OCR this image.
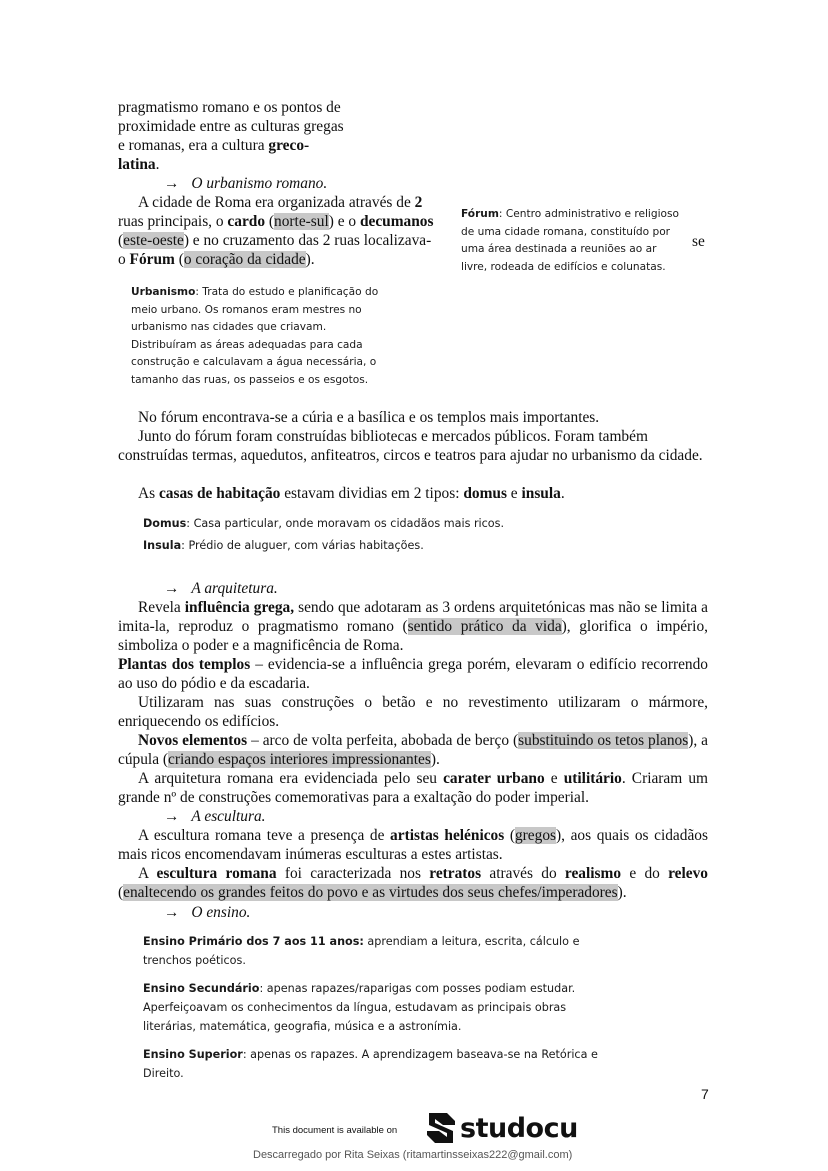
pragmatismo romano e os pontos de
proximidade entre as culturas gregas
e romanas, era a cultura greco-
latina.
→ O urbanismo romano.
A cidade de Roma era organizada através de 2
ruas principais, o cardo (norte-sul) e o decumanos
(este-oeste) e no cruzamento das 2 ruas localizava-
o Fórum (o coração da cidade).
Fórum: Centro administrativo e religioso
de uma cidade romana, constituído por
uma área destinada a reuniões ao ar
livre, rodeada de edifícios e colunatas.
se
Urbanismo: Trata do estudo e planificação do
meio urbano. Os romanos eram mestres no
urbanismo nas cidades que criavam.
Distribuíram as áreas adequadas para cada
construção e calculavam a água necessária, o
tamanho das ruas, os passeios e os esgotos.
No fórum encontrava-se a cúria e a basílica e os templos mais importantes.
Junto do fórum foram construídas bibliotecas e mercados públicos. Foram também
construídas termas, aquedutos, anfiteatros, circos e teatros para ajudar no urbanismo da cidade.
As casas de habitação estavam dividias em 2 tipos: domus e insula.
Domus: Casa particular, onde moravam os cidadãos mais ricos.
Insula: Prédio de aluguer, com várias habitações.
→ A arquitetura.

Revela influência grega, sendo que adotaram as 3 ordens arquitetónicas mas não se limita a imita-la, reproduz o pragmatismo romano (sentido prático da vida), glorifica o império, simboliza o poder e a magnificência de Roma.

Plantas dos templos – evidencia-se a influência grega porém, elevaram o edifício recorrendo ao uso do pódio e da escadaria.

Utilizaram nas suas construções o betão e no revestimento utilizaram o mármore, enriquecendo os edifícios.

Novos elementos – arco de volta perfeita, abobada de berço (substituindo os tetos planos), a cúpula (criando espaços interiores impressionantes).

A arquitetura romana era evidenciada pelo seu carater urbano e utilitário. Criaram um grande nº de construções comemorativas para a exaltação do poder imperial.

→ A escultura.

A escultura romana teve a presença de artistas helénicos (gregos), aos quais os cidadãos mais ricos encomendavam inúmeras esculturas a estes artistas.

A escultura romana foi caracterizada nos retratos através do realismo e do relevo (enaltecendo os grandes feitos do povo e as virtudes dos seus chefes/imperadores).

→ O ensino.
Ensino Primário dos 7 aos 11 anos: aprendiam a leitura, escrita, cálculo e
trenchos poéticos.
Ensino Secundário: apenas rapazes/raparigas com posses podiam estudar.
Aperfeiçoavam os conhecimentos da língua, estudavam as principais obras
literárias, matemática, geografia, música e a astronímia.
Ensino Superior: apenas os rapazes. A aprendizagem baseava-se na Retórica e
Direito.
7
This document is available on studocu
Descarregado por Rita Seixas (ritamartinsseixas222@gmail.com)
